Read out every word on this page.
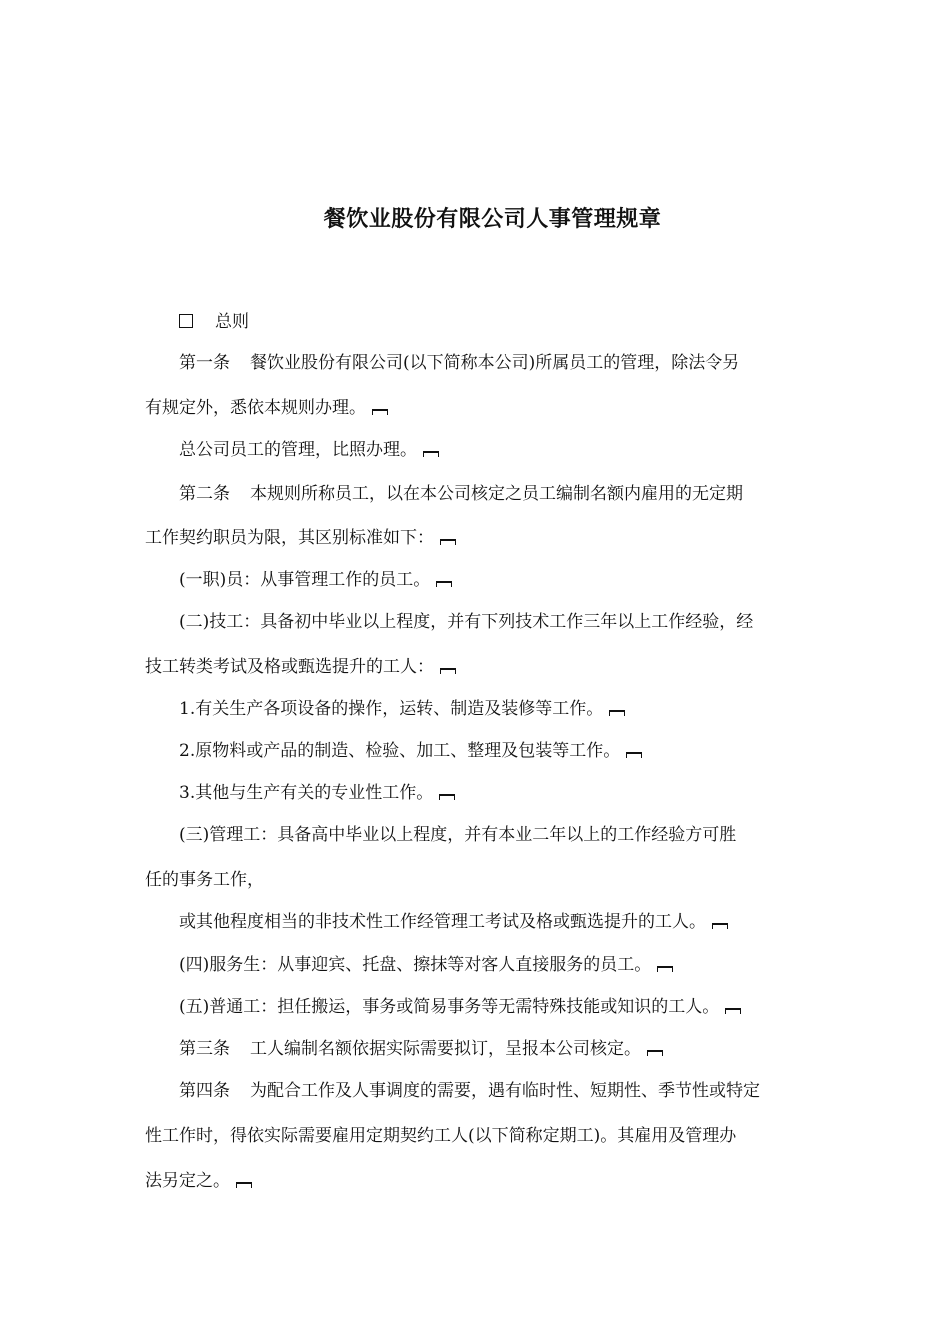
餐饮业股份有限公司人事管理规章
总则
第一条 餐饮业股份有限公司(以下简称本公司)所属员工的管理，除法令另
有规定外，悉依本规则办理。
总公司员工的管理，比照办理。
第二条 本规则所称员工，以在本公司核定之员工编制名额内雇用的无定期
工作契约职员为限，其区别标准如下：
(一职)员：从事管理工作的员工。
(二)技工：具备初中毕业以上程度，并有下列技术工作三年以上工作经验，经
技工转类考试及格或甄选提升的工人：
1.有关生产各项设备的操作，运转、制造及装修等工作。
2.原物料或产品的制造、检验、加工、整理及包装等工作。
3.其他与生产有关的专业性工作。
(三)管理工：具备高中毕业以上程度，并有本业二年以上的工作经验方可胜
任的事务工作，
或其他程度相当的非技术性工作经管理工考试及格或甄选提升的工人。
(四)服务生：从事迎宾、托盘、擦抹等对客人直接服务的员工。
(五)普通工：担任搬运，事务或简易事务等无需特殊技能或知识的工人。
第三条 工人编制名额依据实际需要拟订，呈报本公司核定。
第四条 为配合工作及人事调度的需要，遇有临时性、短期性、季节性或特定
性工作时，得依实际需要雇用定期契约工人(以下简称定期工)。其雇用及管理办
法另定之。
